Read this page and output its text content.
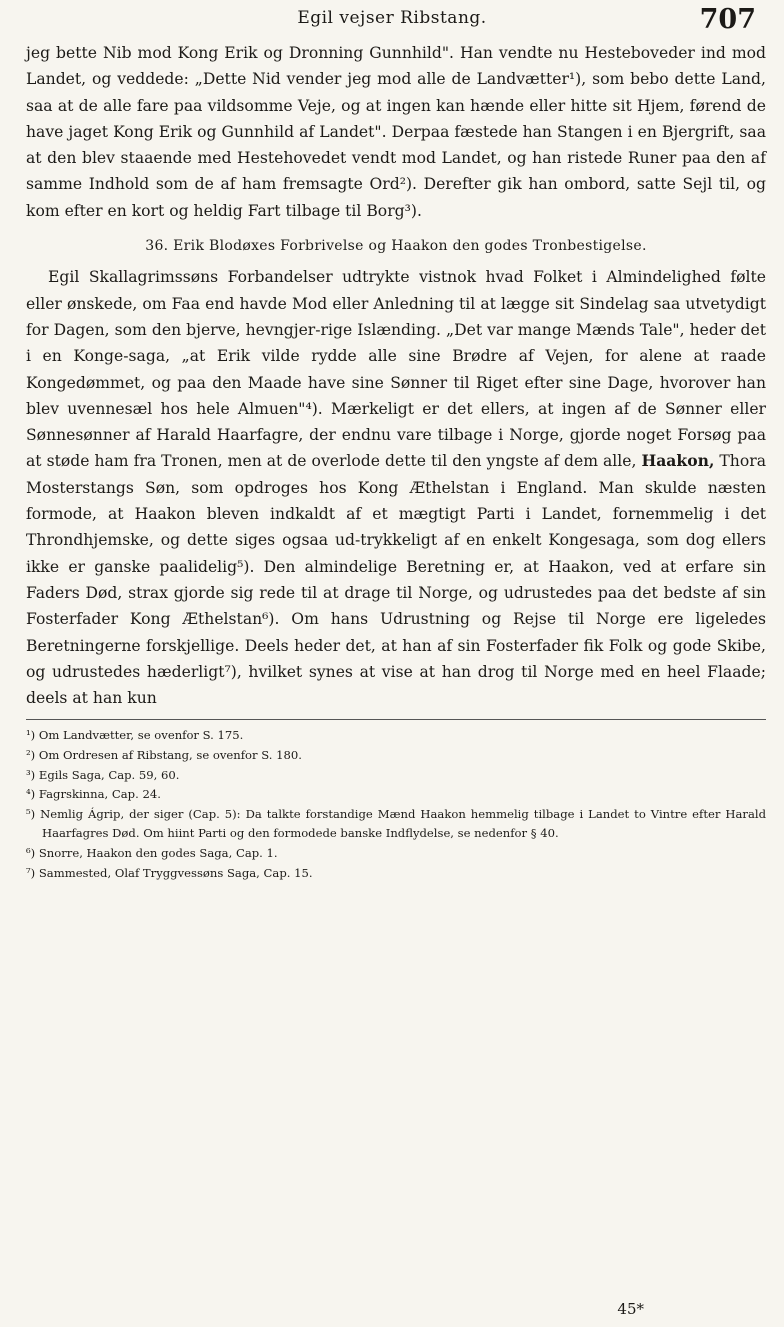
Egil vejser Ribstang.	707

jeg bette Nib mod Kong Erik og Dronning Gunnhild". Han vendte nu Hesteboveder ind mod Landet, og veddede: „Dette Nid vender jeg mod alle de Landvætter¹), som bebo dette Land, saa at de alle fare paa vildsomme Veje, og at ingen kan hænde eller hitte sit Hjem, førend de have jaget Kong Erik og Gunnhild af Landet". Derpaa fæstede han Stangen i en Bjergrift, saa at den blev staaende med Hestehovedet vendt mod Landet, og han ristede Runer paa den af samme Indhold som de af ham fremsagte Ord²). Derefter gik han ombord, satte Sejl til, og kom efter en kort og heldig Fart tilbage til Borg³).

36. Erik Blodøxes Forbrivelse og Haakon den godes Tronbestigelse.

Egil Skallagrimssøns Forbandelser udtrykte vistnok hvad Folket i Almindelighed følte eller ønskede, om Faa end havde Mod eller Anledning til at lægge sit Sindelag saa utvetydigt for Dagen, som den bjerve, hevngjer-rige Islænding. „Det var mange Mænds Tale", heder det i en Konge-saga, „at Erik vilde rydde alle sine Brødre af Vejen, for alene at raade Kongedømmet, og paa den Maade have sine Sønner til Riget efter sine Dage, hvorover han blev uvennesæl hos hele Almuen"⁴). Mærkeligt er det ellers, at ingen af de Sønner eller Sønnesønner af Harald Haarfagre, der endnu vare tilbage i Norge, gjorde noget Forsøg paa at støde ham fra Tronen, men at de overlode dette til den yngste af dem alle, Haakon, Thora Mosterstangs Søn, som opdroges hos Kong Æthelstan i England. Man skulde næsten formode, at Haakon bleven indkaldt af et mægtigt Parti i Landet, fornemmelig i det Throndhjemske, og dette siges ogsaa ud-trykkeligt af en enkelt Kongesaga, som dog ellers ikke er ganske paalidelig⁵). Den almindelige Beretning er, at Haakon, ved at erfare sin Faders Død, strax gjorde sig rede til at drage til Norge, og udrustedes paa det bedste af sin Fosterfader Kong Æthelstan⁶). Om hans Udrustning og Rejse til Norge ere ligeledes Beretningerne forskjellige. Deels heder det, at han af sin Fosterfader fik Folk og gode Skibe, og udrustedes hæderligt⁷), hvilket synes at vise at han drog til Norge med en heel Flaade; deels at han kun

¹) Om Landvætter, se ovenfor S. 175.
²) Om Ordresen af Ribstang, se ovenfor S. 180.
³) Egils Saga, Cap. 59, 60.
⁴) Fagrskinna, Cap. 24.
⁵) Nemlig Ágrip, der siger (Cap. 5): Da talkte forstandige Mænd Haakon hemmelig tilbage i Landet to Vintre efter Harald Haarfagres Død. Om hiint Parti og den formodede banske Indflydelse, se nedenfor § 40.
⁶) Snorre, Haakon den godes Saga, Cap. 1.
⁷) Sammested, Olaf Tryggvessøns Saga, Cap. 15.
45*
